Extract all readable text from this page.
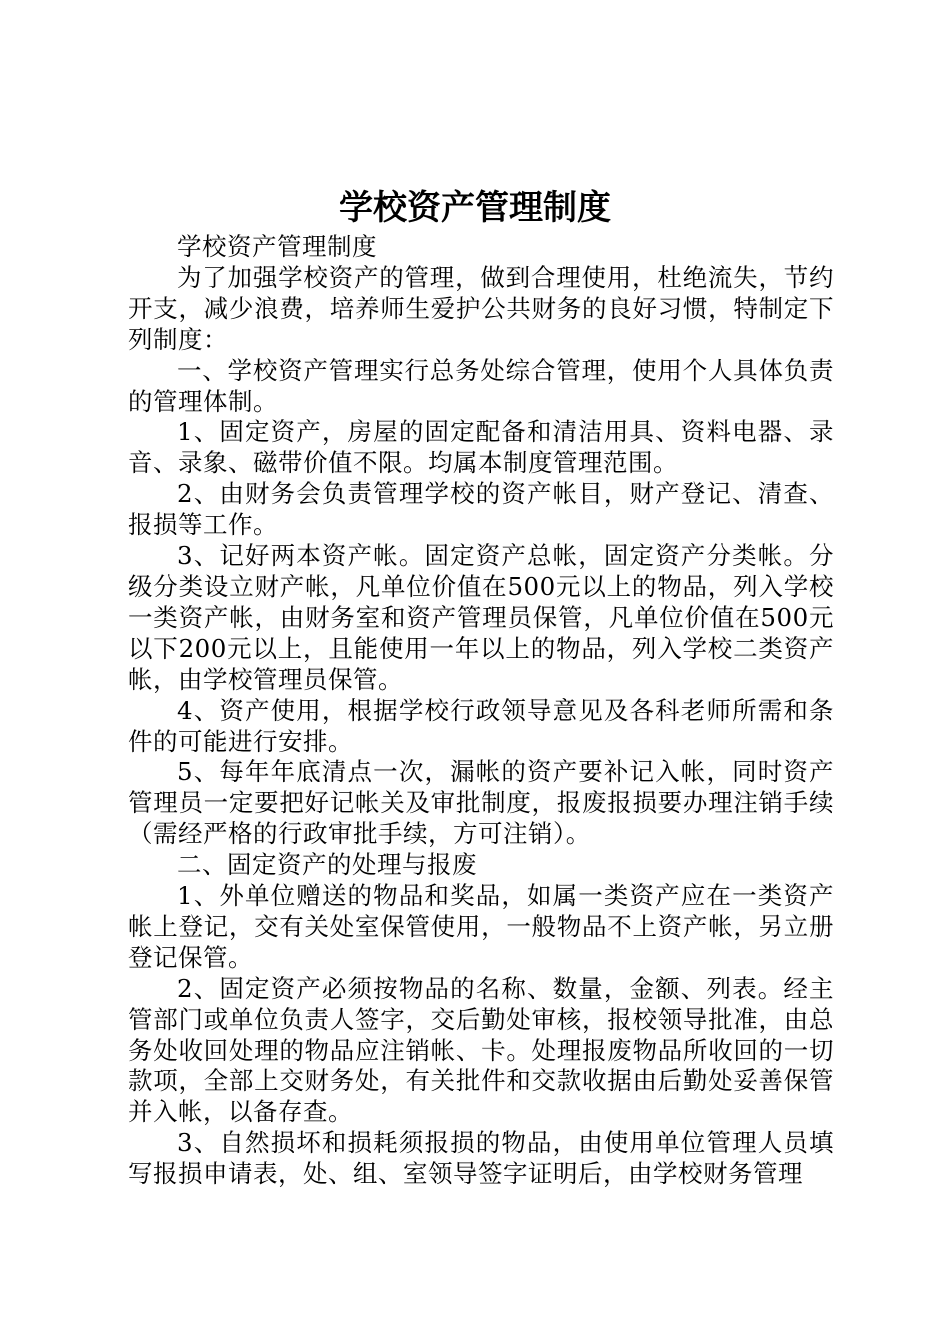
学校资产管理制度

学校资产管理制度

为了加强学校资产的管理，做到合理使用，杜绝流失，节约开支，减少浪费，培养师生爱护公共财务的良好习惯，特制定下列制度：

一、学校资产管理实行总务处综合管理，使用个人具体负责的管理体制。

1、固定资产，房屋的固定配备和清洁用具、资料电器、录音、录象、磁带价值不限。均属本制度管理范围。

2、由财务会负责管理学校的资产帐目，财产登记、清查、报损等工作。

3、记好两本资产帐。固定资产总帐，固定资产分类帐。分级分类设立财产帐，凡单位价值在500元以上的物品，列入学校一类资产帐，由财务室和资产管理员保管，凡单位价值在500元以下200元以上，且能使用一年以上的物品，列入学校二类资产帐，由学校管理员保管。

4、资产使用，根据学校行政领导意见及各科老师所需和条件的可能进行安排。

5、每年年底清点一次，漏帐的资产要补记入帐，同时资产管理员一定要把好记帐关及审批制度，报废报损要办理注销手续（需经严格的行政审批手续，方可注销）。

二、固定资产的处理与报废

1、外单位赠送的物品和奖品，如属一类资产应在一类资产帐上登记，交有关处室保管使用，一般物品不上资产帐，另立册登记保管。

2、固定资产必须按物品的名称、数量，金额、列表。经主管部门或单位负责人签字，交后勤处审核，报校领导批准，由总务处收回处理的物品应注销帐、卡。处理报废物品所收回的一切款项，全部上交财务处，有关批件和交款收据由后勤处妥善保管并入帐，以备存查。

3、自然损坏和损耗须报损的物品，由使用单位管理人员填写报损申请表，处、组、室领导签字证明后，由学校财务管理
